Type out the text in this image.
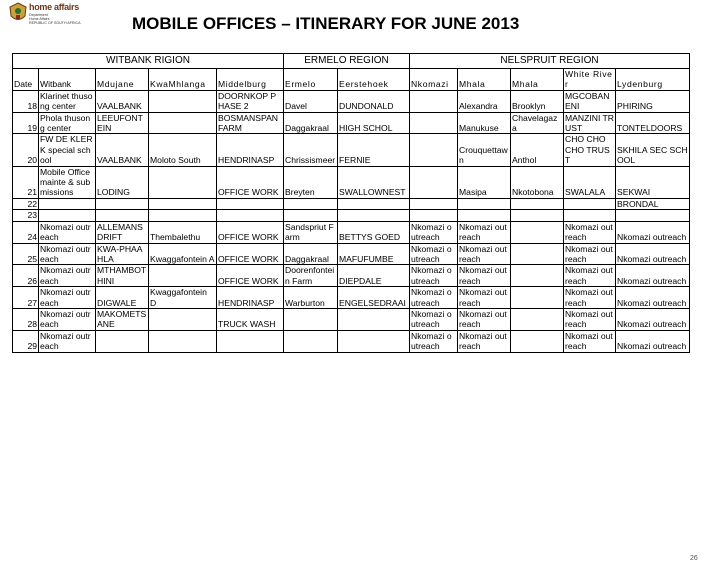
home affairs
Department
Home Affairs
REPUBLIC OF SOUTH AFRICA	MOBILE OFFICES – ITINERARY FOR JUNE 2013
WITBANK RIGION					ERMELO REGION		NELSPRUIT REGION				
Date	Witbank	Mdujane	KwaMhlanga	Middelburg	Ermelo	Eerstehoek	Nkomazi	Mhala	Mhala	White River	Lydenburg
18	Klarinet thusong center	VAALBANK		DOORNKOP PHASE 2	Davel	DUNDONALD		Alexandra	Brooklyn	MGCOBANENI	PHIRING
19	Phola thusong center	LEEUFONTEIN		BOSMANSPAN FARM	Daggakraal	HIGH SCHOL		Manukuse	Chavelagaza	MANZINI TRUST	TONTELDOORS
20	FW DE KLERK special school	VAALBANK	Moloto South	HENDRINASP	Chrissismeer	FERNIE		Crouquettawn	Anthol	CHO CHO CHO TRUST	SKHILA SEC SCHOOL
21	Mobile Office mainte & submissions	LODING		OFFICE WORK	Breyten	SWALLOWNEST		Masipa	Nkotobona	SWALALA	SEKWAI
22											BRONDAL
23											
24	Nkomazi outreach	ALLEMANSDRIFT	Thembalethu	OFFICE WORK	Sandspriut Farm	BETTYS GOED	Nkomazi outreach	Nkomazi outreach		Nkomazi outreach	Nkomazi outreach
25	Nkomazi outreach	KWA-PHAAHLA	Kwaggafontein A	OFFICE WORK	Daggakraal	MAFUFUMBE	Nkomazi outreach	Nkomazi outreach		Nkomazi outreach	Nkomazi outreach
26	Nkomazi outreach	MTHAMBOTHINI		OFFICE WORK	Doorenfontein Farm	DIEPDALE	Nkomazi outreach	Nkomazi outreach		Nkomazi outreach	Nkomazi outreach
27	Nkomazi outreach	DIGWALE	Kwaggafontein D	HENDRINASP	Warburton	ENGELSEDRAAI	Nkomazi outreach	Nkomazi outreach		Nkomazi outreach	Nkomazi outreach
28	Nkomazi outreach	MAKOMETSANE		TRUCK WASH			Nkomazi outreach	Nkomazi outreach		Nkomazi outreach	Nkomazi outreach
29	Nkomazi outreach						Nkomazi outreach	Nkomazi outreach		Nkomazi outreach	Nkomazi outreach
26
